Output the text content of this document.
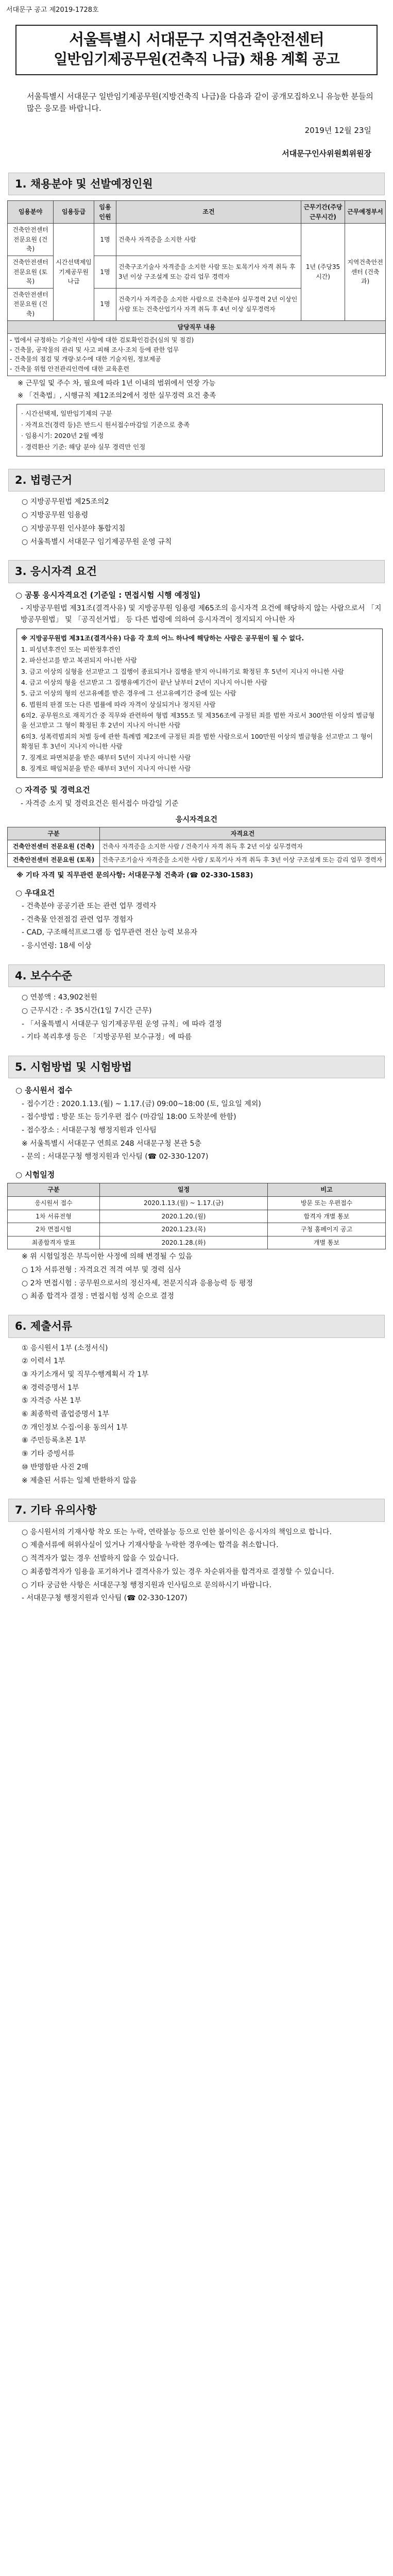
서대문구 공고 제2019-1728호
서울특별시 서대문구 지역건축안전센터
일반임기제공무원(건축직 나급) 채용 계획 공고
서울특별시 서대문구 일반임기제공무원(지방건축직 나급)을 다음과 같이 공개모집하오니 유능한 분들의 많은 응모를 바랍니다.
2019년 12월 23일
서대문구인사위원회위원장
1. 채용분야 및 선발예정인원
임용분야	임용등급	임용인원	조건	근무기간(주당근무시간)	근무예정부서
건축안전센터 전문요원 (건축)	시간선택제임기제공무원 나급	1명	건축사 자격증을 소지한 사람	1년 (주당35시간)	지역건축안전센터 (건축과)
건축안전센터 전문요원 (토목)		1명	건축구조기술사 자격증을 소지한 사람 또는 토목기사 자격 취득 후 3년 이상 구조설계 또는 감리 업무 경력자		
건축안전센터 전문요원 (건축)		1명	건축기사 자격증을 소지한 사람으로 건축분야 실무경력 2년 이상인 사람 또는 건축산업기사 자격 취득 후 4년 이상 실무경력자		
담당직무 내용					

- 법에서 규정하는 기술적인 사항에 대한 검토확인검증(심의 및 점검)
- 건축물, 공작물의 관리 및 사고 피해 조사·조치 등에 관한 업무
- 건축물의 점검 및 개량·보수에 대한 기술지원, 정보제공
- 건축물 위험 안전관리인력에 대한 교육훈련					
※ 근무일 및 주수 차, 필요에 따라 1년 이내의 범위에서 연장 가능
※ 「건축법」, 시행규칙 제12조의2에서 정한 실무경력 요건 충족
· 시간선택제, 일반임기제의 구분
· 자격요건(경력 등)은 반드시 원서접수마감일 기준으로 충족
· 임용시기: 2020년 2월 예정
· 경력환산 기준: 해당 분야 실무 경력만 인정
2. 법령근거
○ 지방공무원법 제25조의2
○ 지방공무원 임용령
○ 지방공무원 인사분야 통합지침
○ 서울특별시 서대문구 임기제공무원 운영 규칙
3. 응시자격 요건
○ 공통 응시자격요건 (기준일 : 면접시험 시행 예정일)
- 지방공무원법 제31조(결격사유) 및 지방공무원 임용령 제65조의 응시자격 요건에 해당하지 않는 사람으로서 「지방공무원법」 및 「공직선거법」 등 다른 법령에 의하여 응시자격이 정지되지 아니한 자
※ 지방공무원법 제31조(결격사유) 다음 각 호의 어느 하나에 해당하는 사람은 공무원이 될 수 없다.
1. 피성년후견인 또는 피한정후견인
2. 파산선고를 받고 복권되지 아니한 사람
3. 금고 이상의 실형을 선고받고 그 집행이 종료되거나 집행을 받지 아니하기로 확정된 후 5년이 지나지 아니한 사람
4. 금고 이상의 형을 선고받고 그 집행유예기간이 끝난 날부터 2년이 지나지 아니한 사람
5. 금고 이상의 형의 선고유예를 받은 경우에 그 선고유예기간 중에 있는 사람
6. 법원의 판결 또는 다른 법률에 따라 자격이 상실되거나 정지된 사람
6의2. 공무원으로 재직기간 중 직무와 관련하여 형법 제355조 및 제356조에 규정된 죄를 범한 자로서 300만원 이상의 벌금형을 선고받고 그 형이 확정된 후 2년이 지나지 아니한 사람
6의3. 성폭력범죄의 처벌 등에 관한 특례법 제2조에 규정된 죄를 범한 사람으로서 100만원 이상의 벌금형을 선고받고 그 형이 확정된 후 3년이 지나지 아니한 사람
7. 징계로 파면처분을 받은 때부터 5년이 지나지 아니한 사람
8. 징계로 해임처분을 받은 때부터 3년이 지나지 아니한 사람
○ 자격증 및 경력요건
- 자격증 소지 및 경력요건은 원서접수 마감일 기준
응시자격요건
구분	자격요건
건축안전센터 전문요원 (건축)	건축사 자격증을 소지한 사람 / 건축기사 자격 취득 후 2년 이상 실무경력자
건축안전센터 전문요원 (토목)	건축구조기술사 자격증을 소지한 사람 / 토목기사 자격 취득 후 3년 이상 구조설계 또는 감리 업무 경력자
※ 기타 자격 및 직무관련 문의사항: 서대문구청 건축과 (☎ 02-330-1583)
○ 우대요건
- 건축분야 공공기관 또는 관련 업무 경력자
- 건축물 안전점검 관련 업무 경험자
- CAD, 구조해석프로그램 등 업무관련 전산 능력 보유자
- 응시연령: 18세 이상
4. 보수수준
○ 연봉액 : 43,902천원
○ 근무시간 : 주 35시간(1일 7시간 근무)
- 「서울특별시 서대문구 임기제공무원 운영 규칙」에 따라 결정
- 기타 복리후생 등은 「지방공무원 보수규정」에 따름
5. 시험방법 및 시험방법
○ 응시원서 접수
- 접수기간 : 2020.1.13.(월) ~ 1.17.(금) 09:00~18:00 (토, 일요일 제외)
- 접수방법 : 방문 또는 등기우편 접수 (마감일 18:00 도착분에 한함)
- 접수장소 : 서대문구청 행정지원과 인사팀
※ 서울특별시 서대문구 연희로 248 서대문구청 본관 5층
- 문의 : 서대문구청 행정지원과 인사팀 (☎ 02-330-1207)
○ 시험일정
구분	일정	비고
응시원서 접수	2020.1.13.(월) ~ 1.17.(금)	방문 또는 우편접수
1차 서류전형	2020.1.20.(월)	합격자 개별 통보
2차 면접시험	2020.1.23.(목)	구청 홈페이지 공고
최종합격자 발표	2020.1.28.(화)	개별 통보
※ 위 시험일정은 부득이한 사정에 의해 변경될 수 있음
○ 1차 서류전형 : 자격요건 적격 여부 및 경력 심사
○ 2차 면접시험 : 공무원으로서의 정신자세, 전문지식과 응용능력 등 평정
○ 최종 합격자 결정 : 면접시험 성적 순으로 결정
6. 제출서류
① 응시원서 1부 (소정서식)
② 이력서 1부
③ 자기소개서 및 직무수행계획서 각 1부
④ 경력증명서 1부
⑤ 자격증 사본 1부
⑥ 최종학력 졸업증명서 1부
⑦ 개인정보 수집·이용 동의서 1부
⑧ 주민등록초본 1부
⑨ 기타 증빙서류
⑩ 반명함판 사진 2매
※ 제출된 서류는 일체 반환하지 않음
7. 기타 유의사항
○ 응시원서의 기재사항 착오 또는 누락, 연락불능 등으로 인한 불이익은 응시자의 책임으로 합니다.
○ 제출서류에 허위사실이 있거나 기재사항을 누락한 경우에는 합격을 취소합니다.
○ 적격자가 없는 경우 선발하지 않을 수 있습니다.
○ 최종합격자가 임용을 포기하거나 결격사유가 있는 경우 차순위자를 합격자로 결정할 수 있습니다.
○ 기타 궁금한 사항은 서대문구청 행정지원과 인사팀으로 문의하시기 바랍니다.
- 서대문구청 행정지원과 인사팀 (☎ 02-330-1207)
